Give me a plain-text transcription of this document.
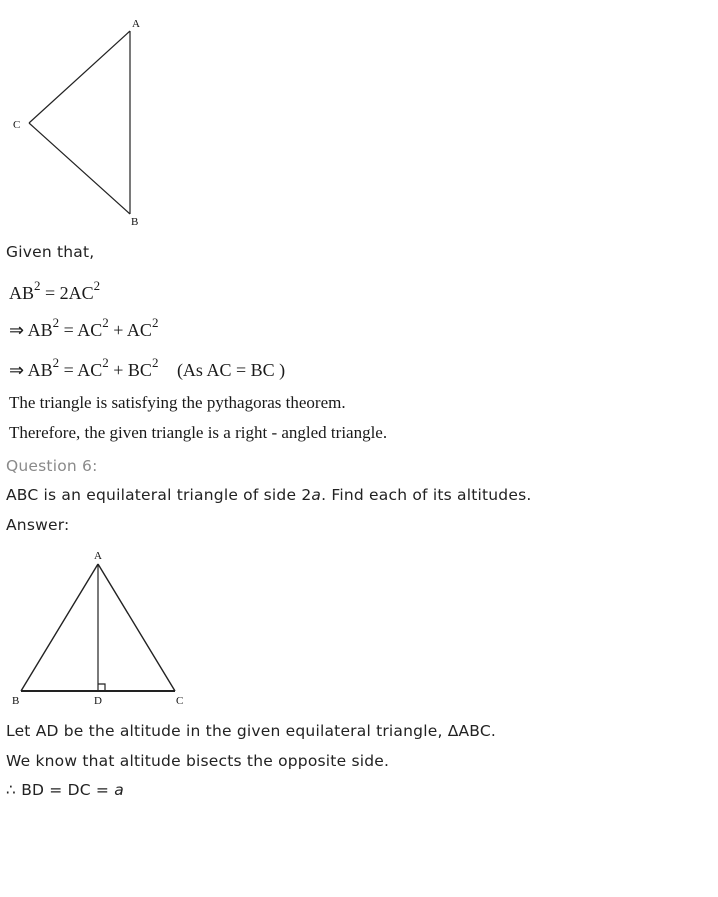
A
C
B
Given that,
$AB^2 = 2AC^2$
⇒ $AB^2 = AC^2 + AC^2$
⇒ $AB^2 = AC^2 + BC^2$ (As AC = BC )
The triangle is satisfying the pythagoras theorem.
Therefore, the given triangle is a right - angled triangle.
Question 6:
ABC is an equilateral triangle of side 2a. Find each of its altitudes.
Answer:
A
B	D	C
Let AD be the altitude in the given equilateral triangle, ΔABC.
We know that altitude bisects the opposite side.
∴ BD = DC = a
